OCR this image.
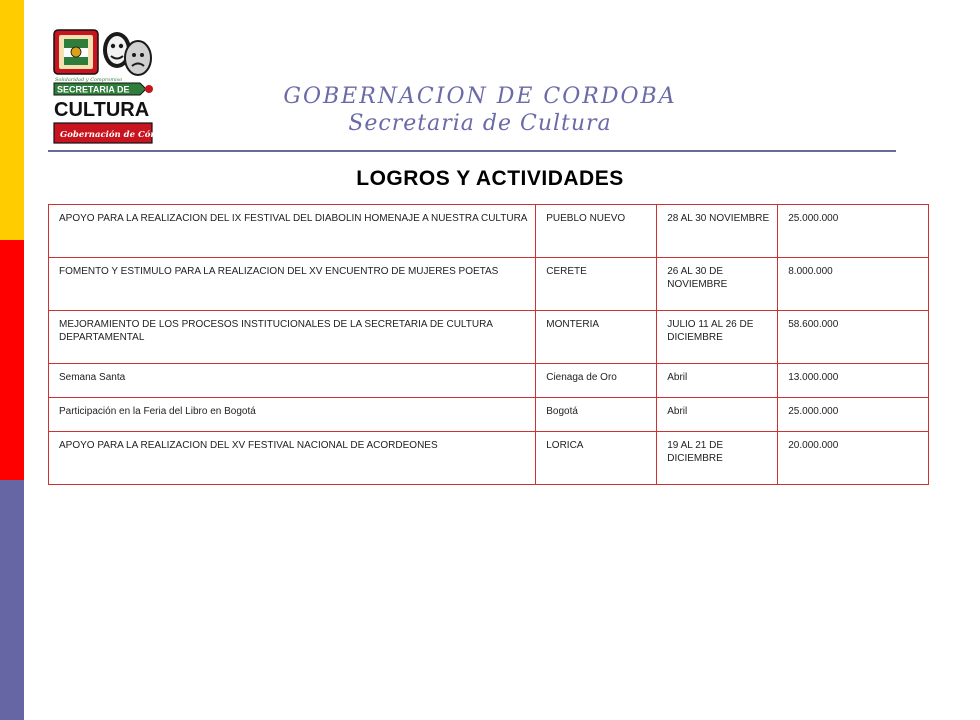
Solidaridad y Compromiso
SECRETARIA DE
CULTURA
Gobernación de Córdoba
GOBERNACION DE CORDOBA
Secretaria de Cultura
LOGROS Y ACTIVIDADES
APOYO PARA LA REALIZACION DEL IX FESTIVAL DEL DIABOLIN HOMENAJE A NUESTRA CULTURA	PUEBLO NUEVO	28 AL 30 NOVIEMBRE	25.000.000
FOMENTO Y ESTIMULO PARA LA REALIZACION DEL XV ENCUENTRO DE MUJERES POETAS	CERETE	26 AL 30 DE NOVIEMBRE	8.000.000
MEJORAMIENTO DE LOS PROCESOS INSTITUCIONALES DE LA SECRETARIA DE CULTURA DEPARTAMENTAL	MONTERIA	JULIO 11 AL 26 DE DICIEMBRE	58.600.000
Semana Santa	Cienaga de Oro	Abril	13.000.000
Participación en la Feria del Libro en Bogotá	Bogotá	Abril	25.000.000
APOYO PARA LA REALIZACION DEL XV FESTIVAL NACIONAL DE ACORDEONES	LORICA	19 AL 21 DE DICIEMBRE	20.000.000
